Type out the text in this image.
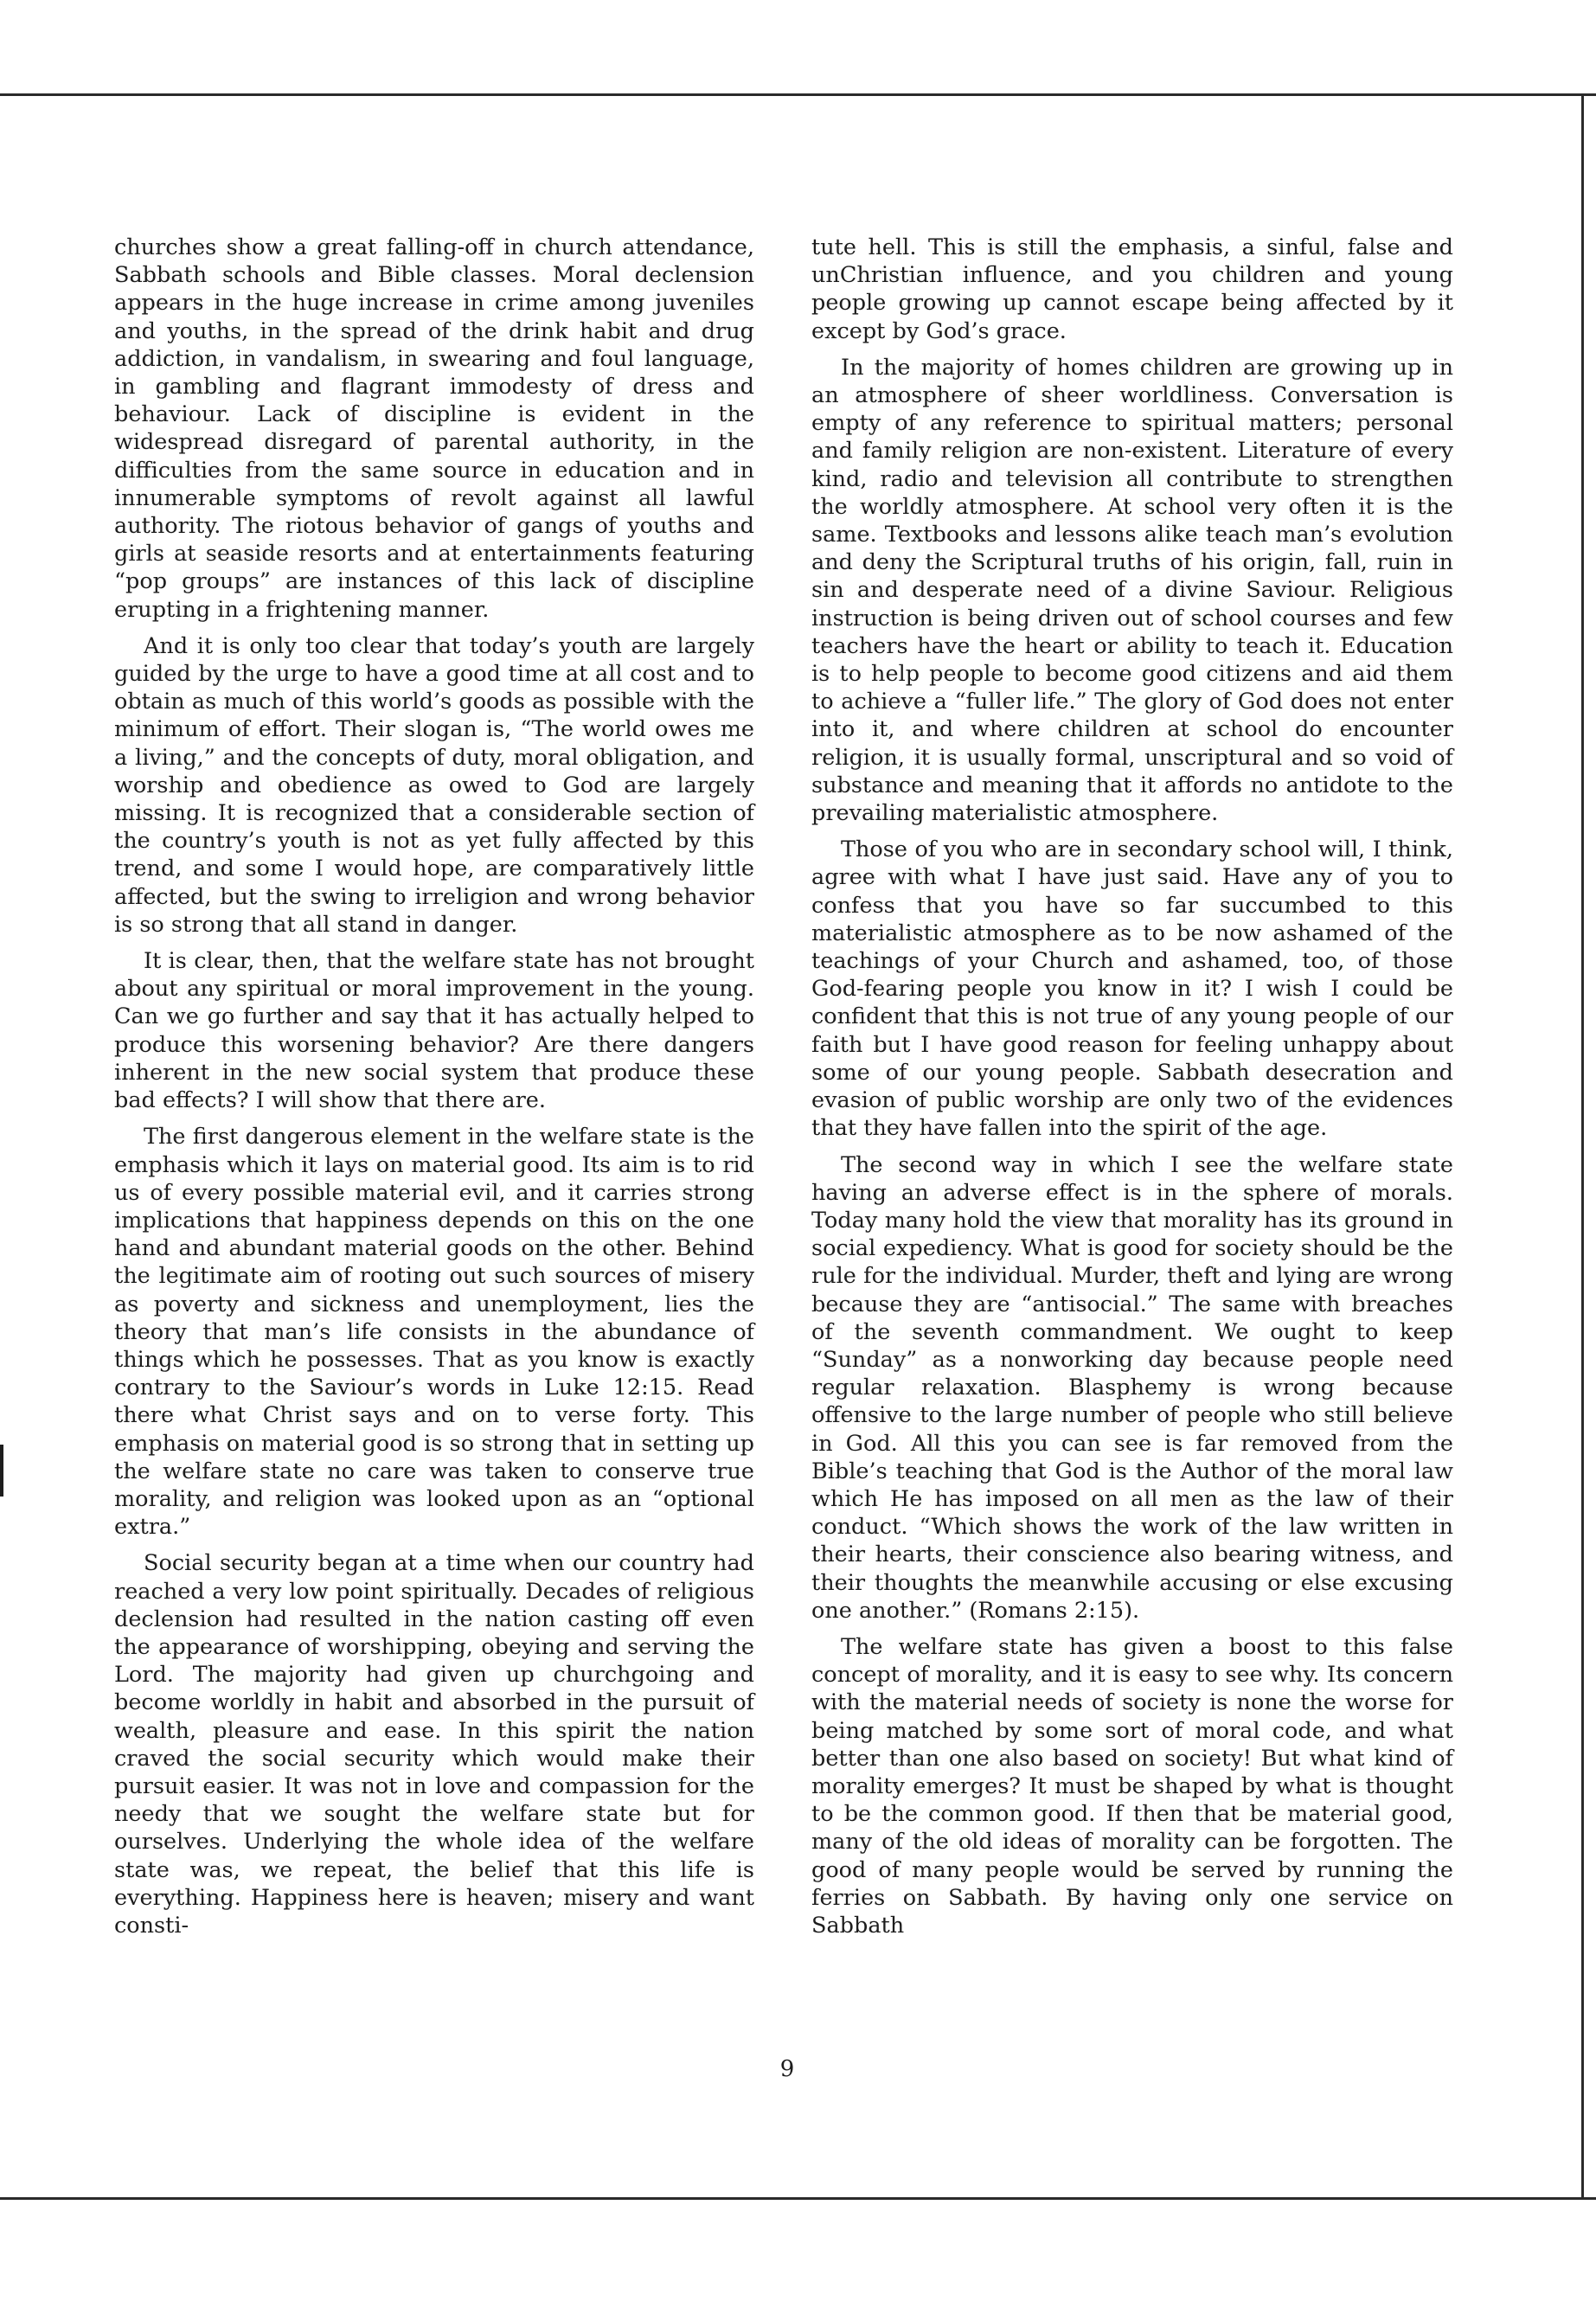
churches show a great falling-off in church attendance, Sabbath schools and Bible classes. Moral declension appears in the huge increase in crime among juveniles and youths, in the spread of the drink habit and drug addiction, in vandalism, in swearing and foul language, in gambling and flagrant immodesty of dress and behaviour. Lack of discipline is evident in the widespread disregard of parental authority, in the difficulties from the same source in education and in innumerable symptoms of revolt against all lawful authority. The riotous behavior of gangs of youths and girls at seaside resorts and at entertainments featuring “pop groups” are instances of this lack of discipline erupting in a frightening manner.

And it is only too clear that today’s youth are largely guided by the urge to have a good time at all cost and to obtain as much of this world’s goods as possible with the minimum of effort. Their slogan is, “The world owes me a living,” and the concepts of duty, moral obligation, and worship and obedience as owed to God are largely missing. It is recognized that a considerable section of the country’s youth is not as yet fully affected by this trend, and some I would hope, are comparatively little affected, but the swing to irreligion and wrong behavior is so strong that all stand in danger.

It is clear, then, that the welfare state has not brought about any spiritual or moral improvement in the young. Can we go further and say that it has actually helped to produce this worsening behavior? Are there dangers inherent in the new social system that produce these bad effects? I will show that there are.

The first dangerous element in the welfare state is the emphasis which it lays on material good. Its aim is to rid us of every possible material evil, and it carries strong implications that happiness depends on this on the one hand and abundant material goods on the other. Behind the legitimate aim of rooting out such sources of misery as poverty and sickness and unemployment, lies the theory that man’s life consists in the abundance of things which he possesses. That as you know is exactly contrary to the Saviour’s words in Luke 12:15. Read there what Christ says and on to verse forty. This emphasis on material good is so strong that in setting up the welfare state no care was taken to conserve true morality, and religion was looked upon as an “optional extra.”

Social security began at a time when our country had reached a very low point spiritually. Decades of religious declension had resulted in the nation casting off even the appearance of worshipping, obeying and serving the Lord. The majority had given up churchgoing and become worldly in habit and absorbed in the pursuit of wealth, pleasure and ease. In this spirit the nation craved the social security which would make their pursuit easier. It was not in love and compassion for the needy that we sought the welfare state but for ourselves. Underlying the whole idea of the welfare state was, we repeat, the belief that this life is everything. Happiness here is heaven; misery and want consti-

tute hell. This is still the emphasis, a sinful, false and unChristian influence, and you children and young people growing up cannot escape being affected by it except by God’s grace.

In the majority of homes children are growing up in an atmosphere of sheer worldliness. Conversation is empty of any reference to spiritual matters; personal and family religion are non-existent. Literature of every kind, radio and television all contribute to strengthen the worldly atmosphere. At school very often it is the same. Textbooks and lessons alike teach man’s evolution and deny the Scriptural truths of his origin, fall, ruin in sin and desperate need of a divine Saviour. Religious instruction is being driven out of school courses and few teachers have the heart or ability to teach it. Education is to help people to become good citizens and aid them to achieve a “fuller life.” The glory of God does not enter into it, and where children at school do encounter religion, it is usually formal, unscriptural and so void of substance and meaning that it affords no antidote to the prevailing materialistic atmosphere.

Those of you who are in secondary school will, I think, agree with what I have just said. Have any of you to confess that you have so far succumbed to this materialistic atmosphere as to be now ashamed of the teachings of your Church and ashamed, too, of those God-fearing people you know in it? I wish I could be confident that this is not true of any young people of our faith but I have good reason for feeling unhappy about some of our young people. Sabbath desecration and evasion of public worship are only two of the evidences that they have fallen into the spirit of the age.

The second way in which I see the welfare state having an adverse effect is in the sphere of morals. Today many hold the view that morality has its ground in social expediency. What is good for society should be the rule for the individual. Murder, theft and lying are wrong because they are “antisocial.” The same with breaches of the seventh commandment. We ought to keep “Sunday” as a nonworking day because people need regular relaxation. Blasphemy is wrong because offensive to the large number of people who still believe in God. All this you can see is far removed from the Bible’s teaching that God is the Author of the moral law which He has imposed on all men as the law of their conduct. “Which shows the work of the law written in their hearts, their conscience also bearing witness, and their thoughts the meanwhile accusing or else excusing one another.” (Romans 2:15).

The welfare state has given a boost to this false concept of morality, and it is easy to see why. Its concern with the material needs of society is none the worse for being matched by some sort of moral code, and what better than one also based on society! But what kind of morality emerges? It must be shaped by what is thought to be the common good. If then that be material good, many of the old ideas of morality can be forgotten. The good of many people would be served by running the ferries on Sabbath. By having only one service on Sabbath

9
